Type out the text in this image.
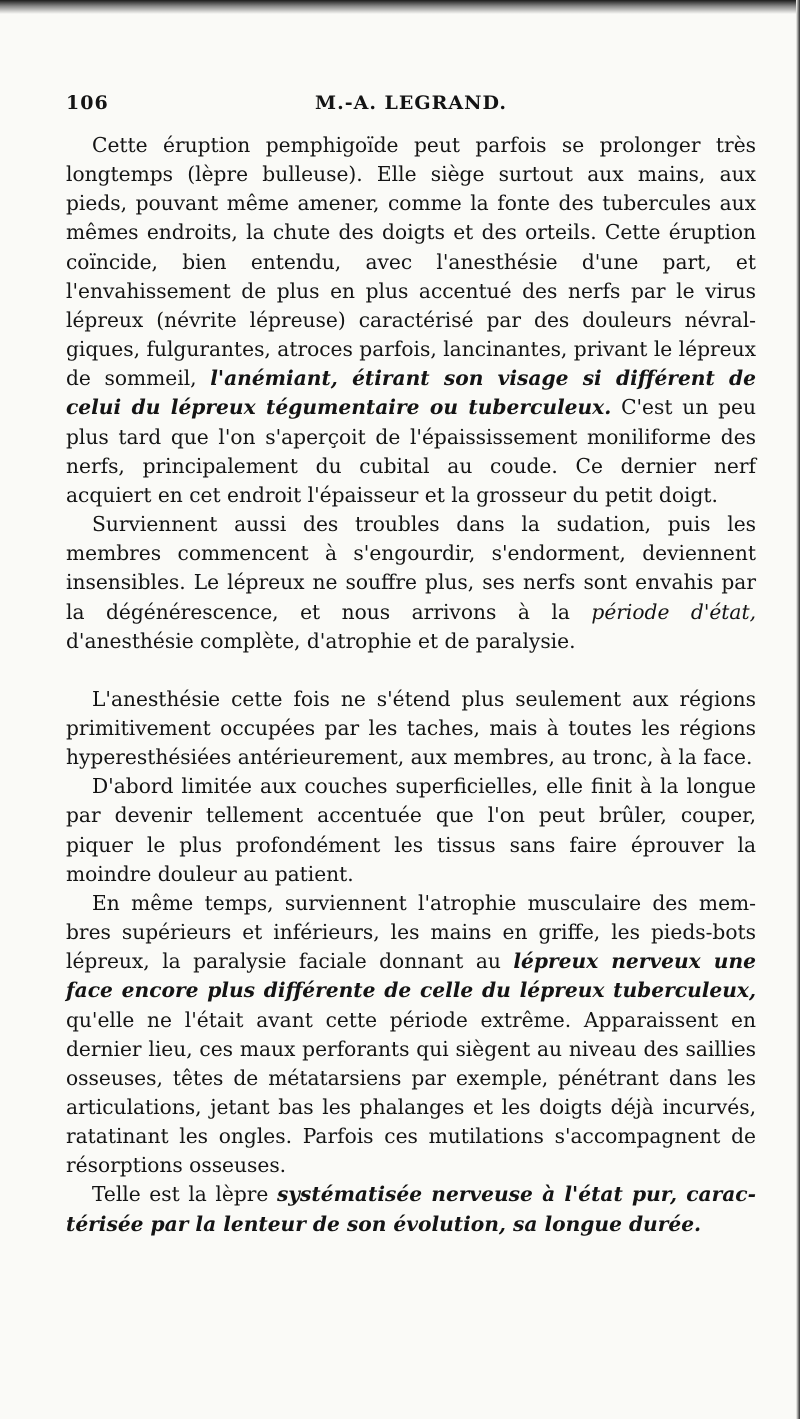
106	M.-A. LEGRAND.

Cette éruption pemphigoïde peut parfois se prolonger très longtemps (lèpre bulleuse). Elle siège surtout aux mains, aux pieds, pouvant même amener, comme la fonte des tubercules aux mêmes endroits, la chute des doigts et des orteils. Cette éruption coïncide, bien entendu, avec l'anesthésie d'une part, et l'envahissement de plus en plus accentué des nerfs par le virus lépreux (névrite lépreuse) caractérisé par des douleurs névralgiques, fulgurantes, atroces parfois, lancinantes, privant le lépreux de sommeil, l'anémiant, étirant son visage si différent de celui du lépreux tégumentaire ou tuberculeux. C'est un peu plus tard que l'on s'aperçoit de l'épaississement moniliforme des nerfs, principalement du cubital au coude. Ce dernier nerf acquiert en cet endroit l'épaisseur et la grosseur du petit doigt.

Surviennent aussi des troubles dans la sudation, puis les membres commencent à s'engourdir, s'endorment, deviennent insensibles. Le lépreux ne souffre plus, ses nerfs sont envahis par la dégénérescence, et nous arrivons à la période d'état, d'anesthésie complète, d'atrophie et de paralysie.

L'anesthésie cette fois ne s'étend plus seulement aux régions primitivement occupées par les taches, mais à toutes les régions hyperesthésiées antérieurement, aux membres, au tronc, à la face.

D'abord limitée aux couches superficielles, elle finit à la longue par devenir tellement accentuée que l'on peut brûler, couper, piquer le plus profondément les tissus sans faire éprouver la moindre douleur au patient.

En même temps, surviennent l'atrophie musculaire des membres supérieurs et inférieurs, les mains en griffe, les pieds-bots lépreux, la paralysie faciale donnant au lépreux nerveux une face encore plus différente de celle du lépreux tuberculeux, qu'elle ne l'était avant cette période extrême. Apparaissent en dernier lieu, ces maux perforants qui siègent au niveau des saillies osseuses, têtes de métatarsiens par exemple, pénétrant dans les articulations, jetant bas les phalanges et les doigts déjà incurvés, ratatinant les ongles. Parfois ces mutilations s'accompagnent de résorptions osseuses.

Telle est la lèpre systématisée nerveuse à l'état pur, caractérisée par la lenteur de son évolution, sa longue durée.
